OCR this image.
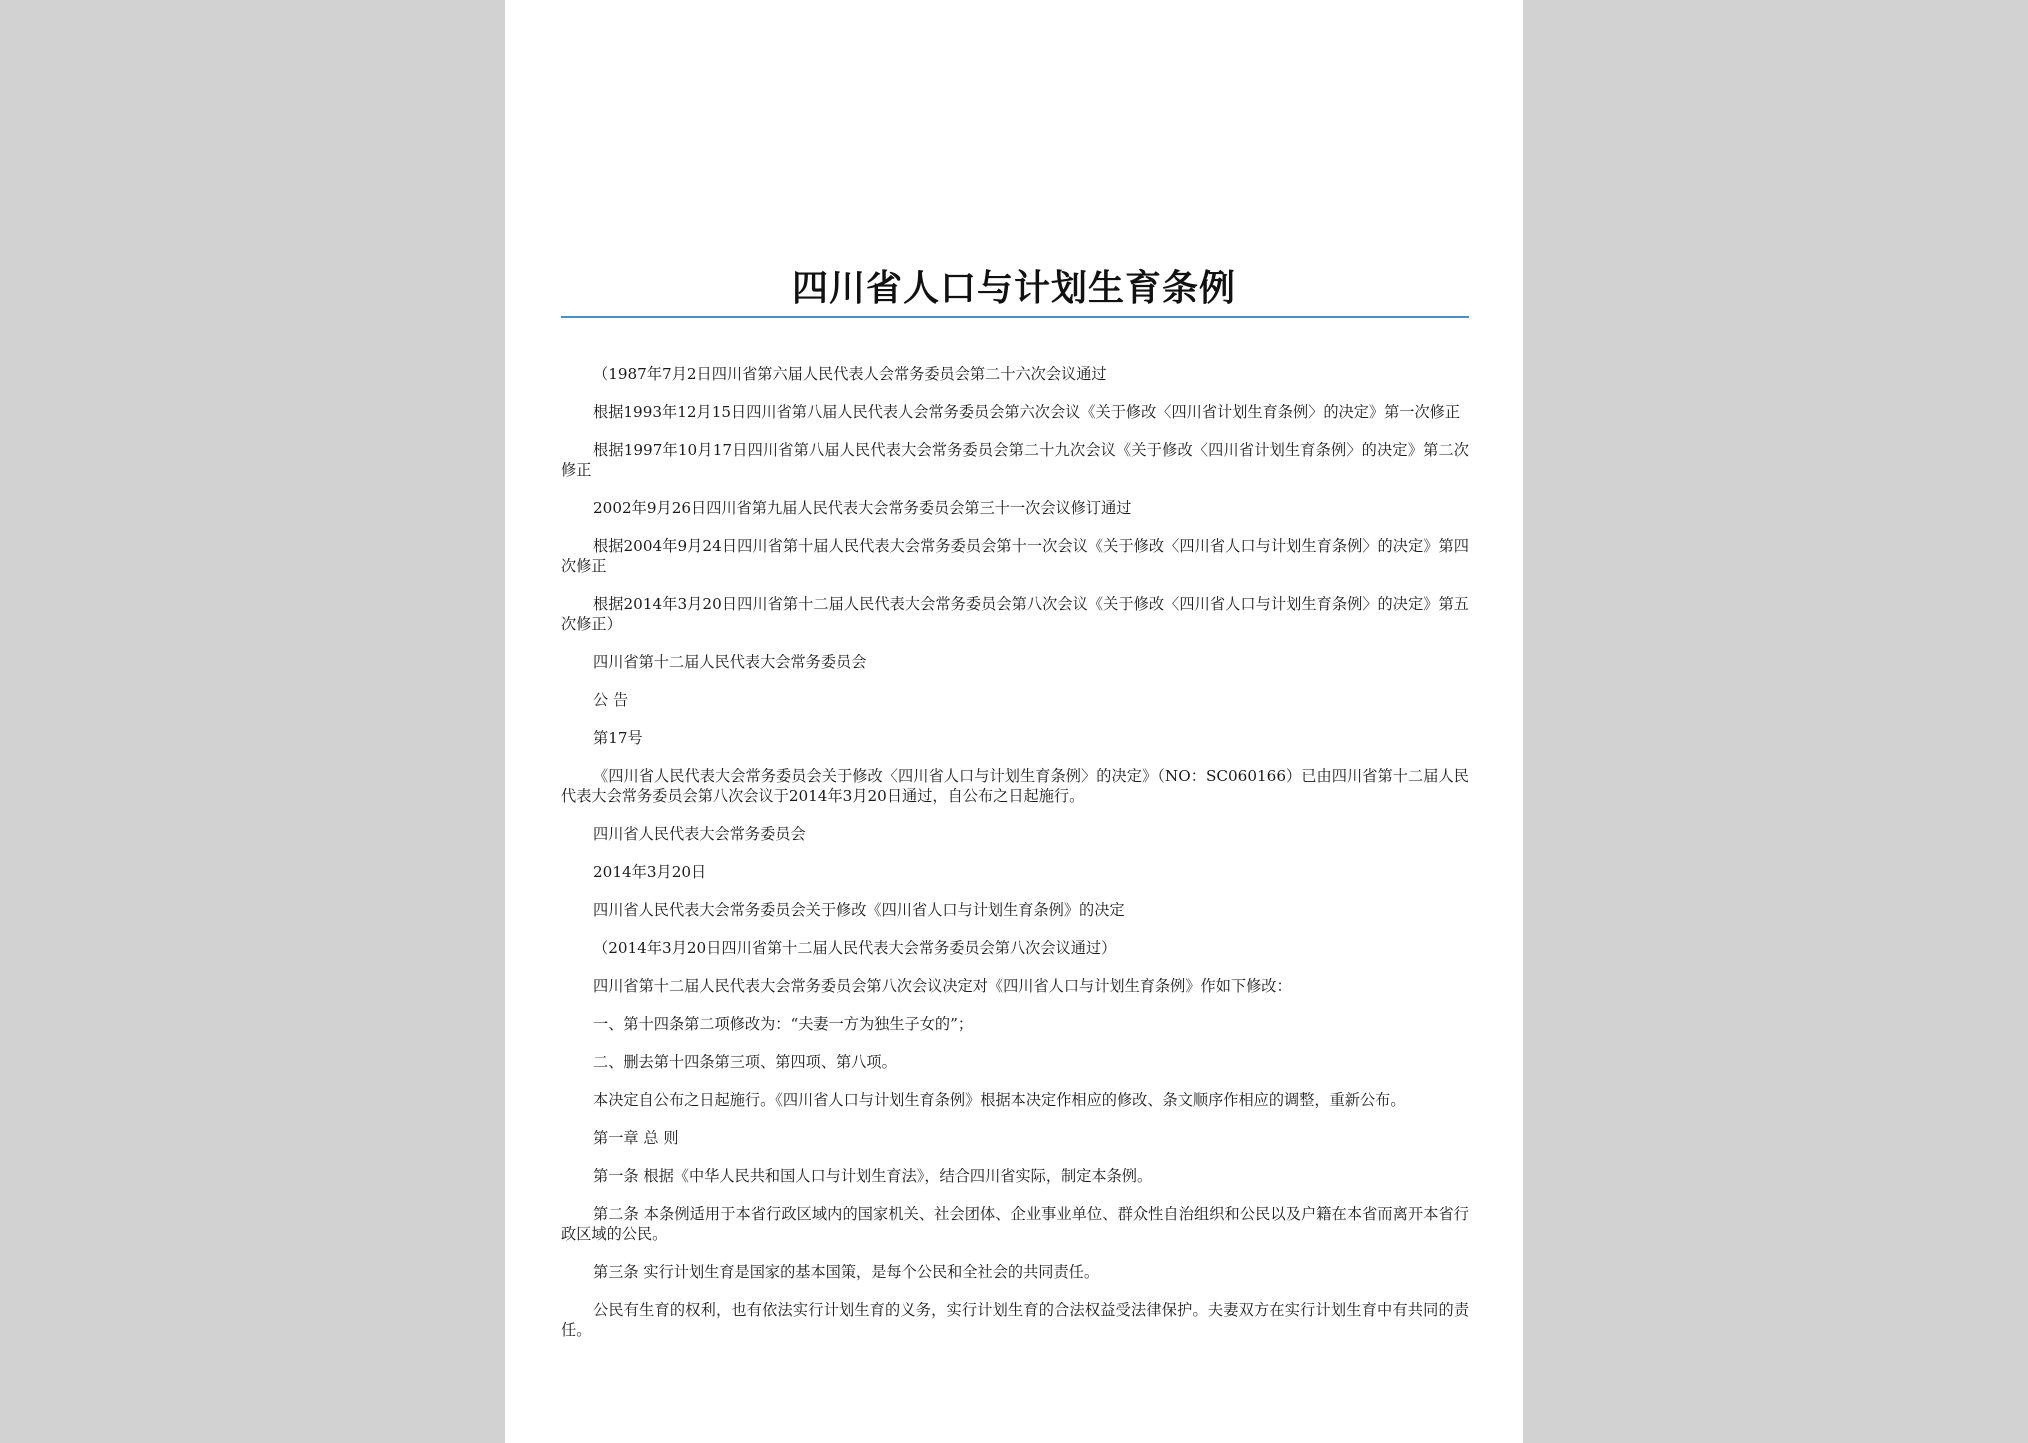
四川省人口与计划生育条例

（1987年7月2日四川省第六届人民代表人会常务委员会第二十六次会议通过

根据1993年12月15日四川省第八届人民代表人会常务委员会第六次会议《关于修改〈四川省计划生育条例〉的决定》第一次修正

根据1997年10月17日四川省第八届人民代表大会常务委员会第二十九次会议《关于修改〈四川省计划生育条例〉的决定》第二次修正

2002年9月26日四川省第九届人民代表大会常务委员会第三十一次会议修订通过

根据2004年9月24日四川省第十届人民代表大会常务委员会第十一次会议《关于修改〈四川省人口与计划生育条例〉的决定》第四次修正

根据2014年3月20日四川省第十二届人民代表大会常务委员会第八次会议《关于修改〈四川省人口与计划生育条例〉的决定》第五次修正）

四川省第十二届人民代表大会常务委员会

公 告

第17号

《四川省人民代表大会常务委员会关于修改〈四川省人口与计划生育条例〉的决定》（NO：SC060166）已由四川省第十二届人民代表大会常务委员会第八次会议于2014年3月20日通过，自公布之日起施行。

四川省人民代表大会常务委员会

2014年3月20日

四川省人民代表大会常务委员会关于修改《四川省人口与计划生育条例》的决定

（2014年3月20日四川省第十二届人民代表大会常务委员会第八次会议通过）

四川省第十二届人民代表大会常务委员会第八次会议决定对《四川省人口与计划生育条例》作如下修改：

一、第十四条第二项修改为：“夫妻一方为独生子女的”；

二、删去第十四条第三项、第四项、第八项。

本决定自公布之日起施行。《四川省人口与计划生育条例》根据本决定作相应的修改、条文顺序作相应的调整，重新公布。

第一章 总 则

第一条 根据《中华人民共和国人口与计划生育法》，结合四川省实际，制定本条例。

第二条 本条例适用于本省行政区域内的国家机关、社会团体、企业事业单位、群众性自治组织和公民以及户籍在本省而离开本省行政区域的公民。

第三条 实行计划生育是国家的基本国策，是每个公民和全社会的共同责任。

公民有生育的权利，也有依法实行计划生育的义务，实行计划生育的合法权益受法律保护。夫妻双方在实行计划生育中有共同的责任。
